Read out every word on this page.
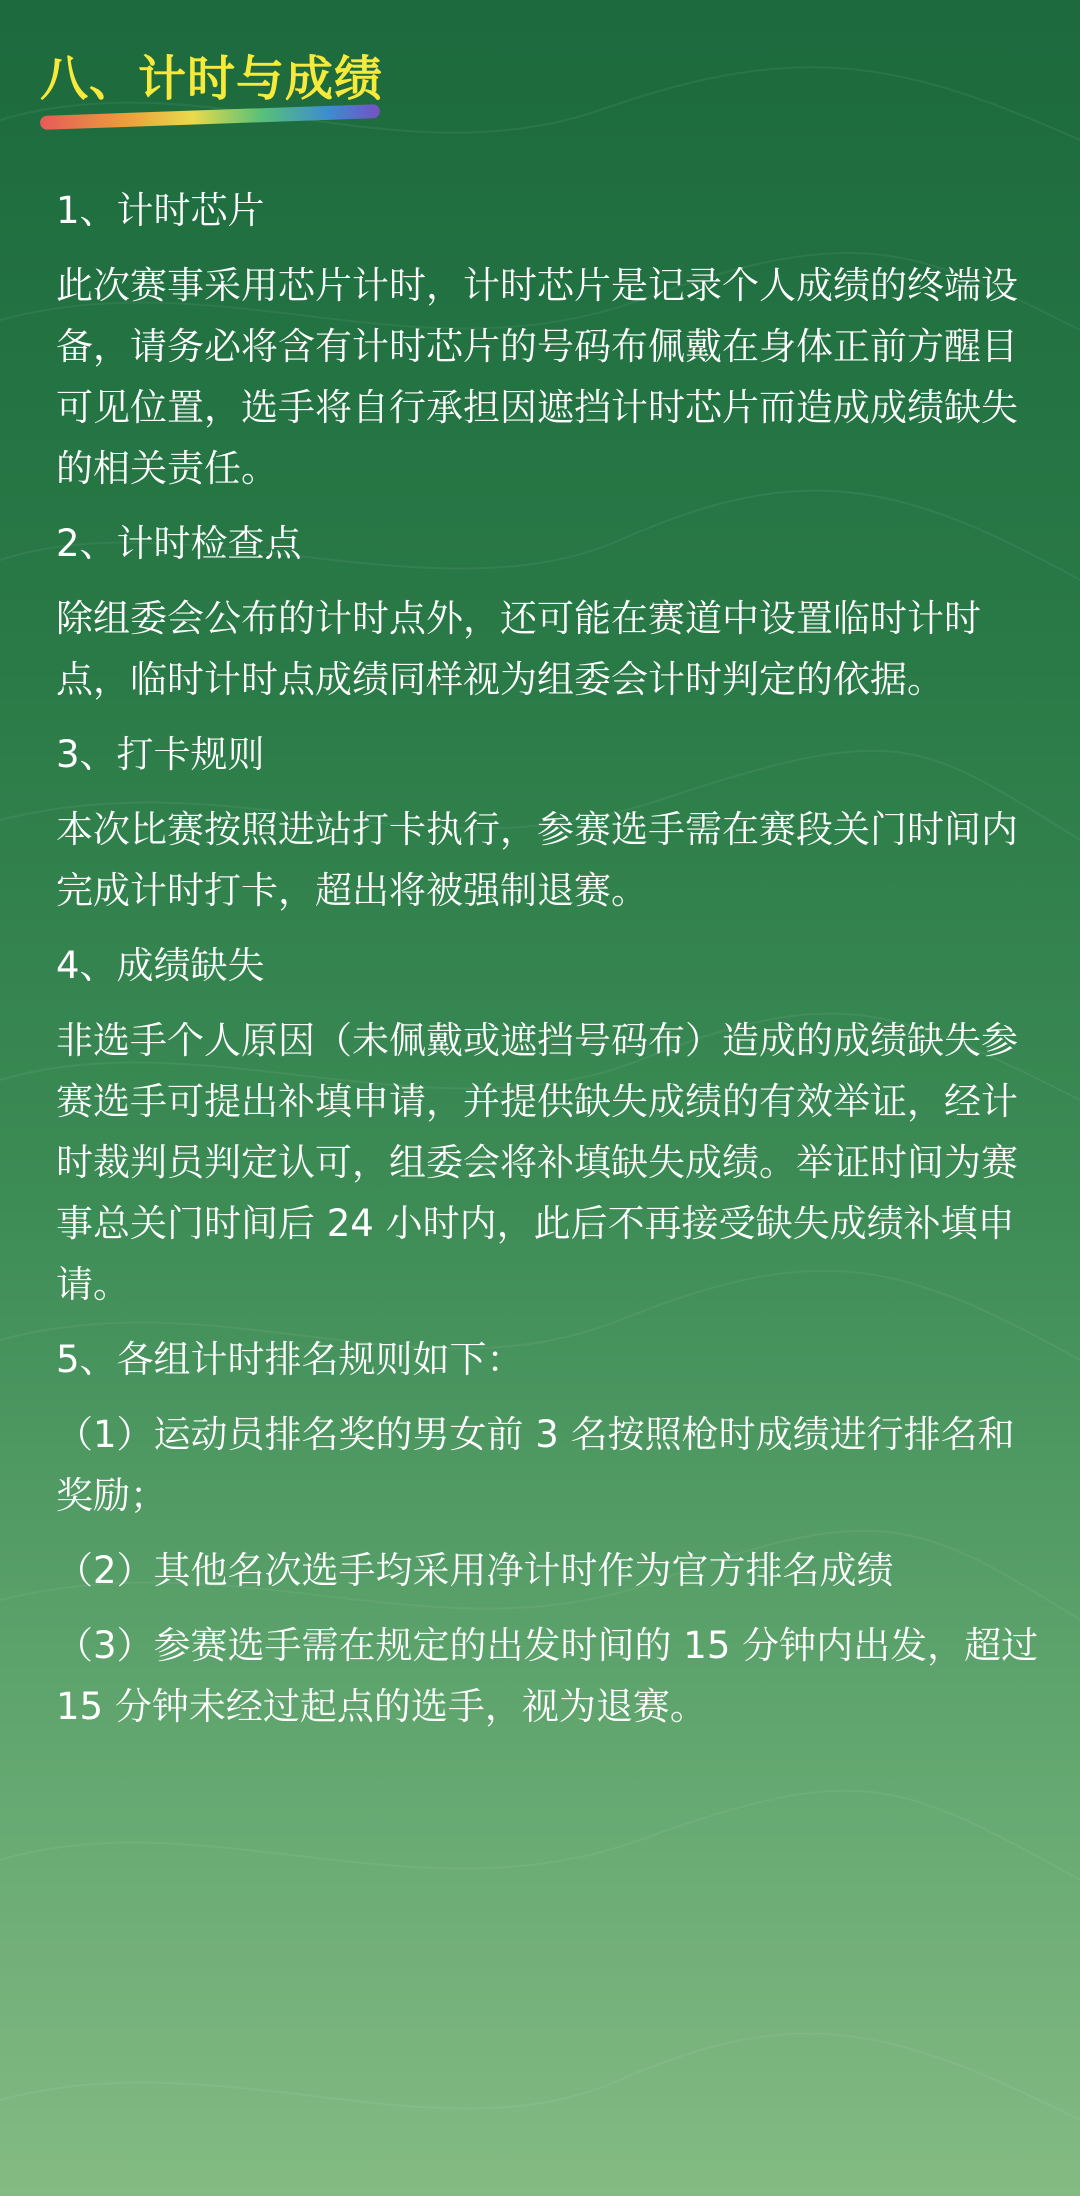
八、计时与成绩

1、计时芯片

此次赛事采用芯片计时，计时芯片是记录个人成绩的终端设备，请务必将含有计时芯片的号码布佩戴在身体正前方醒目可见位置，选手将自行承担因遮挡计时芯片而造成成绩缺失的相关责任。

2、计时检查点

除组委会公布的计时点外，还可能在赛道中设置临时计时点，临时计时点成绩同样视为组委会计时判定的依据。

3、打卡规则

本次比赛按照进站打卡执行，参赛选手需在赛段关门时间内完成计时打卡，超出将被强制退赛。

4、成绩缺失

非选手个人原因（未佩戴或遮挡号码布）造成的成绩缺失参赛选手可提出补填申请，并提供缺失成绩的有效举证，经计时裁判员判定认可，组委会将补填缺失成绩。举证时间为赛事总关门时间后 24 小时内，此后不再接受缺失成绩补填申请。

5、各组计时排名规则如下：

（1）运动员排名奖的男女前 3 名按照枪时成绩进行排名和奖励；

（2）其他名次选手均采用净计时作为官方排名成绩

（3）参赛选手需在规定的出发时间的 15 分钟内出发，超过 15 分钟未经过起点的选手，视为退赛。
